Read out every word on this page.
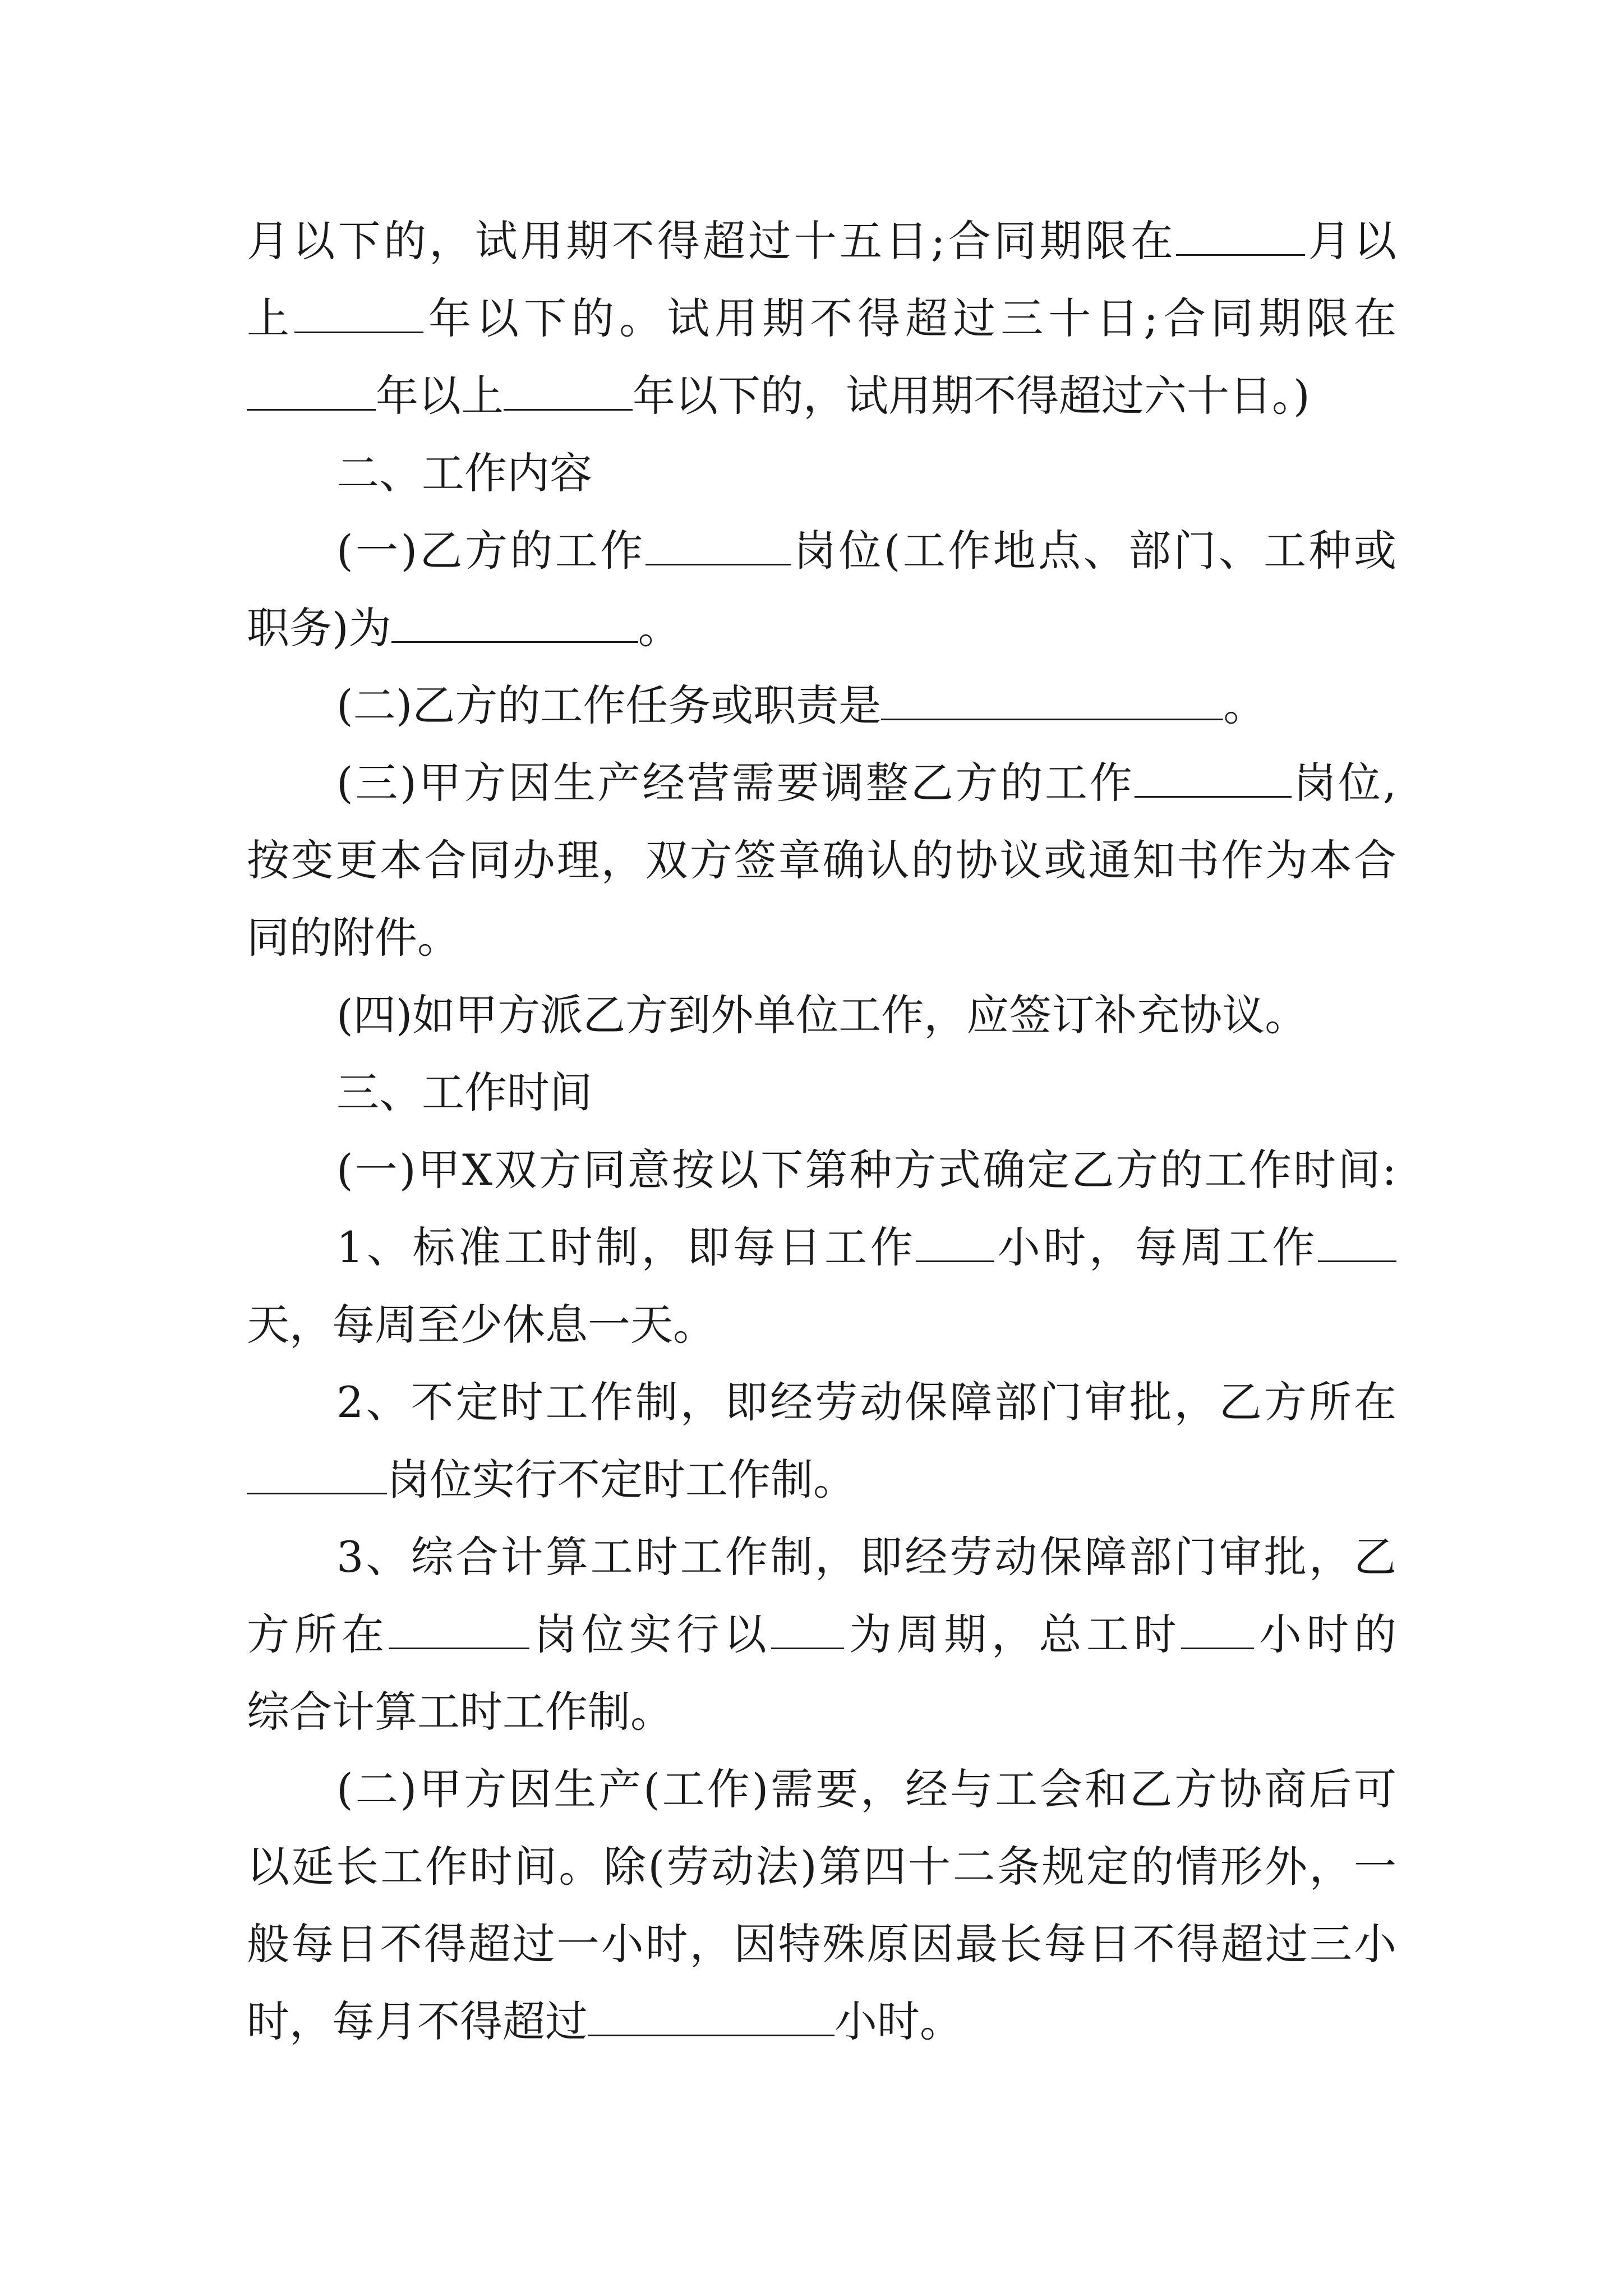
月以下的，试用期不得超过十五日;合同期限在	月以
上	年以下的。试用期不得超过三十日;合同期限在
年以上	年以下的，试用期不得超过六十日。)
二、工作内容
(一)乙方的工作	岗位(工作地点、部门、工种或
职务)为	。
(二)乙方的工作任务或职责是	。
(三)甲方因生产经营需要调整乙方的工作	岗位,
按变更本合同办理，双方签章确认的协议或通知书作为本合
同的附件。
(四)如甲方派乙方到外单位工作，应签订补充协议。
三、工作时间
(一)甲X双方同意按以下第种方式确定乙方的工作时间:
1、标准工时制，即每日工作 小时，每周工作
天，每周至少休息一天。
2、不定时工作制，即经劳动保障部门审批，乙方所在
岗位实行不定时工作制。
3、综合计算工时工作制，即经劳动保障部门审批，乙
方所在	岗位实行以 为周期，总工时 小时的
综合计算工时工作制。
(二)甲方因生产(工作)需要，经与工会和乙方协商后可
以延长工作时间。除(劳动法)第四十二条规定的情形外，一
般每日不得超过一小时，因特殊原因最长每日不得超过三小
时，每月不得超过	小时。
